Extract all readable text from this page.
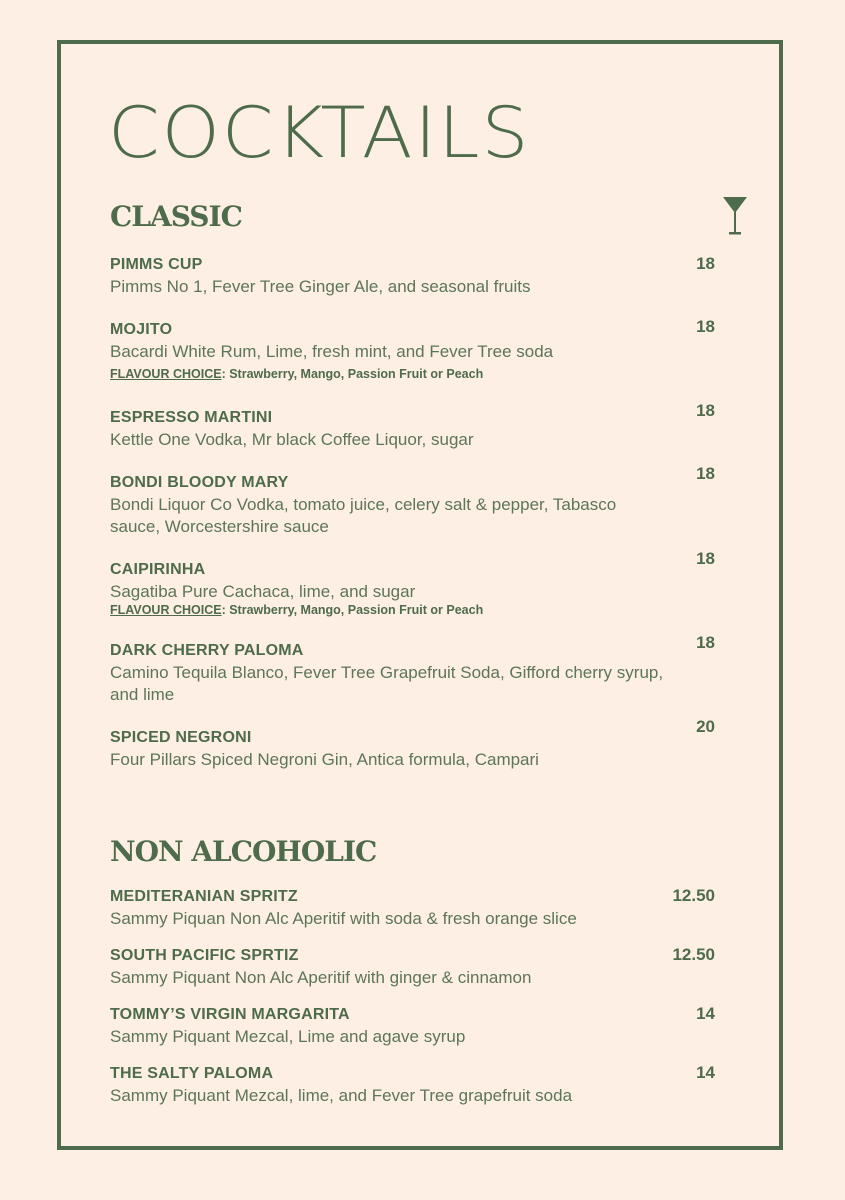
COCKTAILS
CLASSIC
PIMMS CUP
Pimms No 1, Fever Tree Ginger Ale, and seasonal fruits
18
MOJITO
Bacardi White Rum, Lime, fresh mint, and Fever Tree soda
FLAVOUR CHOICE: Strawberry, Mango, Passion Fruit or Peach
18
ESPRESSO MARTINI
Kettle One Vodka, Mr black Coffee Liquor, sugar
18
BONDI BLOODY MARY
Bondi Liquor Co Vodka, tomato juice, celery salt & pepper, Tabasco sauce, Worcestershire sauce
18
CAIPIRINHA
Sagatiba Pure Cachaca, lime, and sugar
FLAVOUR CHOICE: Strawberry, Mango, Passion Fruit or Peach
18
DARK CHERRY PALOMA
Camino Tequila Blanco, Fever Tree Grapefruit Soda, Gifford cherry syrup, and lime
18
SPICED NEGRONI
Four Pillars Spiced Negroni Gin, Antica formula, Campari
20
NON ALCOHOLIC
MEDITERANIAN SPRITZ
Sammy Piquan Non Alc Aperitif with soda & fresh orange slice
12.50
SOUTH PACIFIC SPRTIZ
Sammy Piquant Non Alc Aperitif with ginger & cinnamon
12.50
TOMMY’S VIRGIN MARGARITA
Sammy Piquant Mezcal, Lime and agave syrup
14
THE SALTY PALOMA
Sammy Piquant Mezcal, lime, and Fever Tree grapefruit soda
14
